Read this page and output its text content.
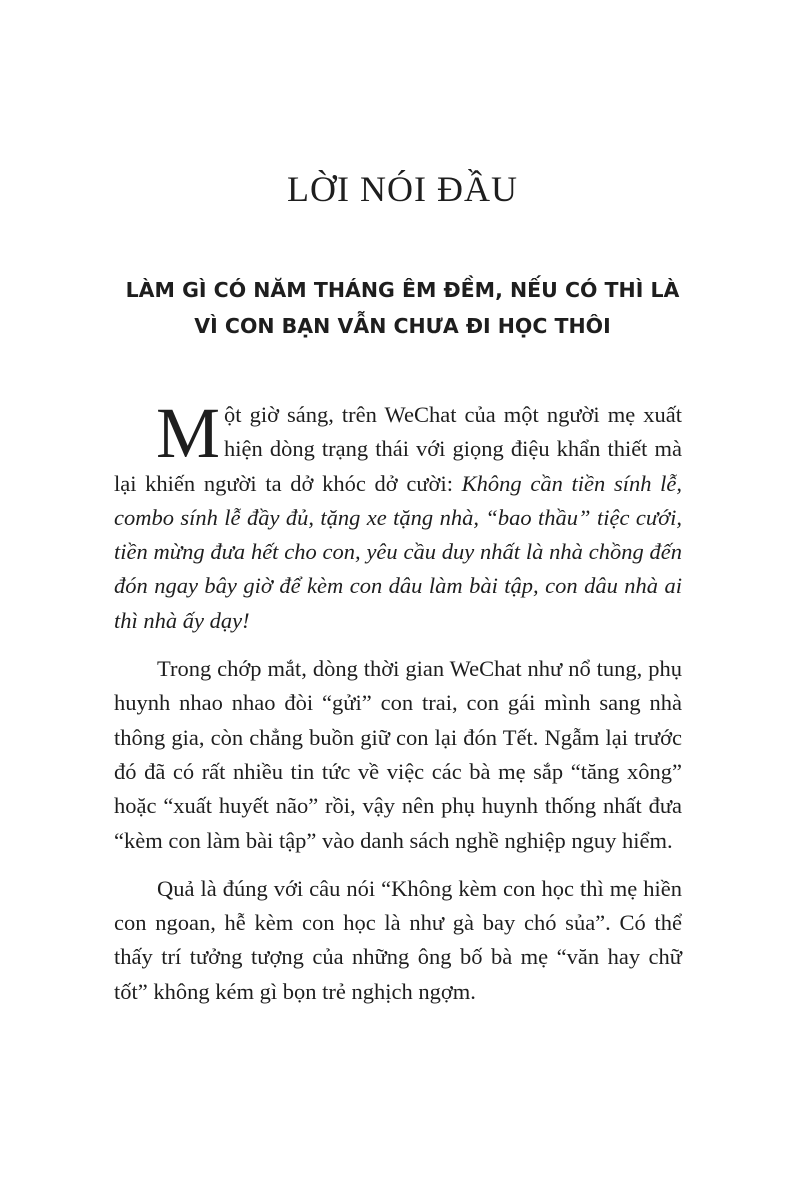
LỜI NÓI ĐẦU
LÀM GÌ CÓ NĂM THÁNG ÊM ĐỀM, NẾU CÓ THÌ LÀ
VÌ CON BẠN VẪN CHƯA ĐI HỌC THÔI

Một giờ sáng, trên WeChat của một người mẹ xuất hiện dòng trạng thái với giọng điệu khẩn thiết mà lại khiến người ta dở khóc dở cười: Không cần tiền sính lễ, combo sính lễ đầy đủ, tặng xe tặng nhà, “bao thầu” tiệc cưới, tiền mừng đưa hết cho con, yêu cầu duy nhất là nhà chồng đến đón ngay bây giờ để kèm con dâu làm bài tập, con dâu nhà ai thì nhà ấy dạy!

Trong chớp mắt, dòng thời gian WeChat như nổ tung, phụ huynh nhao nhao đòi “gửi” con trai, con gái mình sang nhà thông gia, còn chẳng buồn giữ con lại đón Tết. Ngẫm lại trước đó đã có rất nhiều tin tức về việc các bà mẹ sắp “tăng xông” hoặc “xuất huyết não” rồi, vậy nên phụ huynh thống nhất đưa “kèm con làm bài tập” vào danh sách nghề nghiệp nguy hiểm.

Quả là đúng với câu nói “Không kèm con học thì mẹ hiền con ngoan, hễ kèm con học là như gà bay chó sủa”. Có thể thấy trí tưởng tượng của những ông bố bà mẹ “văn hay chữ tốt” không kém gì bọn trẻ nghịch ngợm.
